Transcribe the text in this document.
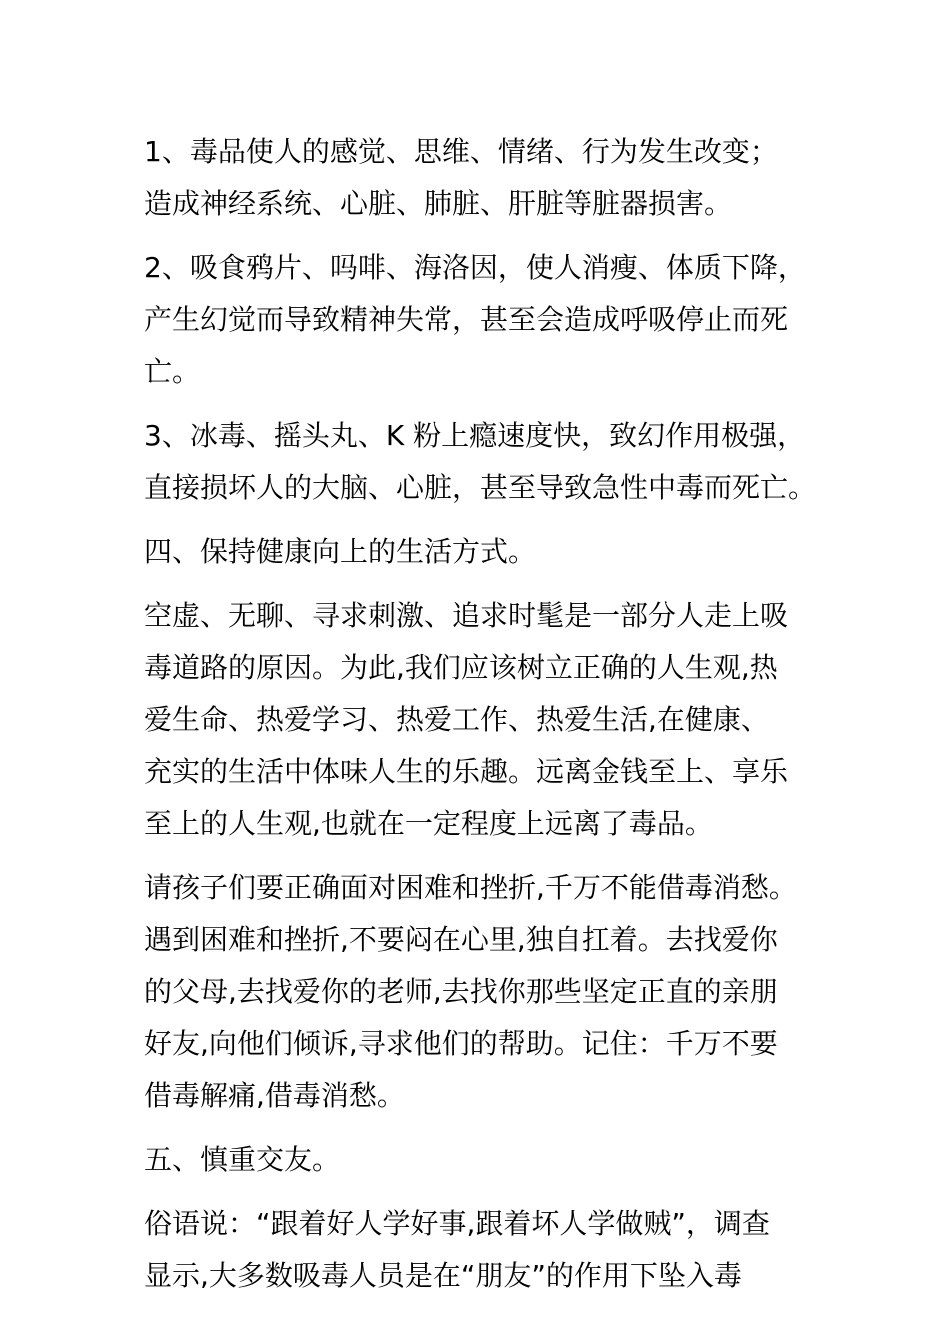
1、毒品使人的感觉、思维、情绪、行为发生改变；
造成神经系统、心脏、肺脏、肝脏等脏器损害。

2、吸食鸦片、吗啡、海洛因，使人消瘦、体质下降，
产生幻觉而导致精神失常，甚至会造成呼吸停止而死
亡。

3、冰毒、摇头丸、K 粉上瘾速度快，致幻作用极强，
直接损坏人的大脑、心脏，甚至导致急性中毒而死亡。

四、保持健康向上的生活方式。

空虚、无聊、寻求刺激、追求时髦是一部分人走上吸
毒道路的原因。为此,我们应该树立正确的人生观,热
爱生命、热爱学习、热爱工作、热爱生活,在健康、
充实的生活中体味人生的乐趣。远离金钱至上、享乐
至上的人生观,也就在一定程度上远离了毒品。

请孩子们要正确面对困难和挫折,千万不能借毒消愁。
遇到困难和挫折,不要闷在心里,独自扛着。去找爱你
的父母,去找爱你的老师,去找你那些坚定正直的亲朋
好友,向他们倾诉,寻求他们的帮助。记住：千万不要
借毒解痛,借毒消愁。

五、慎重交友。

俗语说：“跟着好人学好事,跟着坏人学做贼”，调查
显示,大多数吸毒人员是在“朋友”的作用下坠入毒
